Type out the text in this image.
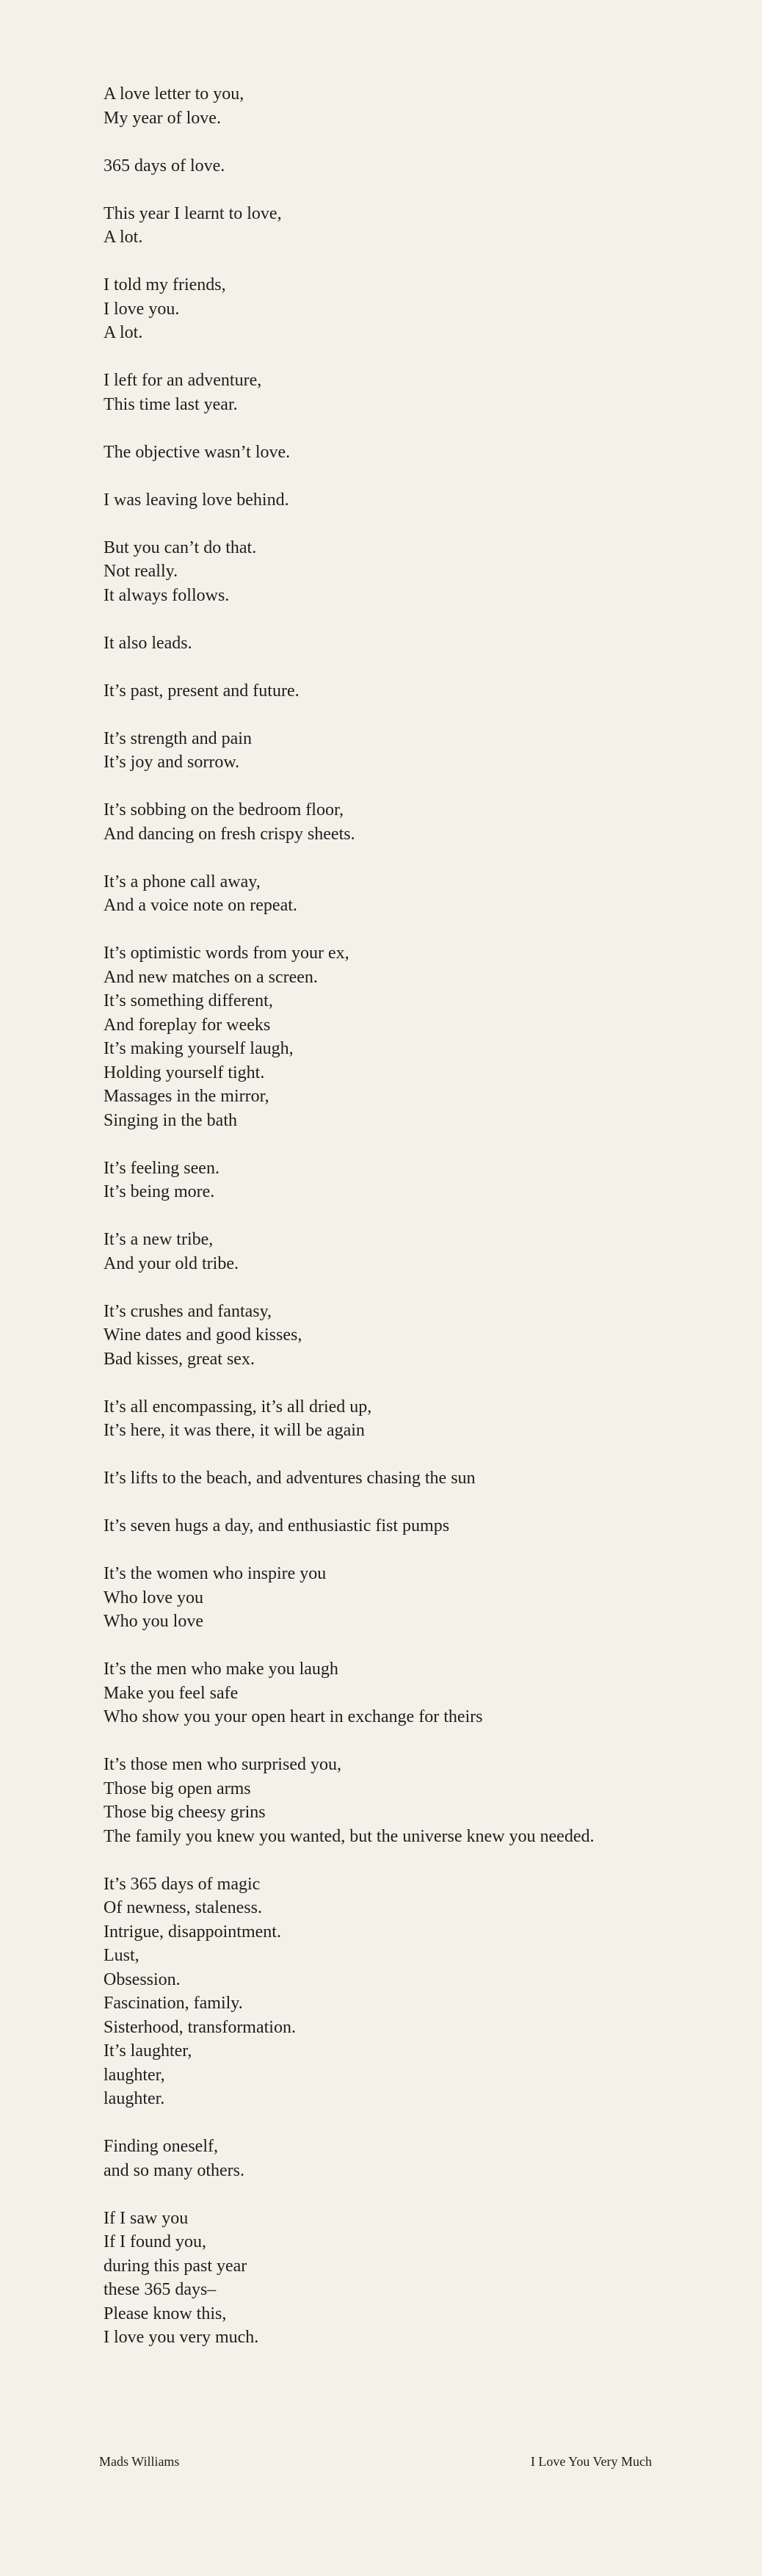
A love letter to you,
My year of love.
365 days of love.
This year I learnt to love,
A lot.
I told my friends,
I love you.
A lot.
I left for an adventure,
This time last year.
The objective wasn’t love.
I was leaving love behind.
But you can’t do that.
Not really.
It always follows.
It also leads.
It’s past, present and future.
It’s strength and pain
It’s joy and sorrow.
It’s sobbing on the bedroom floor,
And dancing on fresh crispy sheets.
It’s a phone call away,
And a voice note on repeat.
It’s optimistic words from your ex,
And new matches on a screen.
It’s something different,
And foreplay for weeks
It’s making yourself laugh,
Holding yourself tight.
Massages in the mirror,
Singing in the bath
It’s feeling seen.
It’s being more.
It’s a new tribe,
And your old tribe.
It’s crushes and fantasy,
Wine dates and good kisses,
Bad kisses, great sex.
It’s all encompassing, it’s all dried up,
It’s here, it was there, it will be again
It’s lifts to the beach, and adventures chasing the sun
It’s seven hugs a day, and enthusiastic fist pumps
It’s the women who inspire you
Who love you
Who you love
It’s the men who make you laugh
Make you feel safe
Who show you your open heart in exchange for theirs
It’s those men who surprised you,
Those big open arms
Those big cheesy grins
The family you knew you wanted, but the universe knew you needed.
It’s 365 days of magic
Of newness, staleness.
Intrigue, disappointment.
Lust,
Obsession.
Fascination, family.
Sisterhood, transformation.
It’s laughter,
laughter,
laughter.
Finding oneself,
and so many others.
If I saw you
If I found you,
during this past year
these 365 days–
Please know this,
I love you very much.
Mads Williams	I Love You Very Much
